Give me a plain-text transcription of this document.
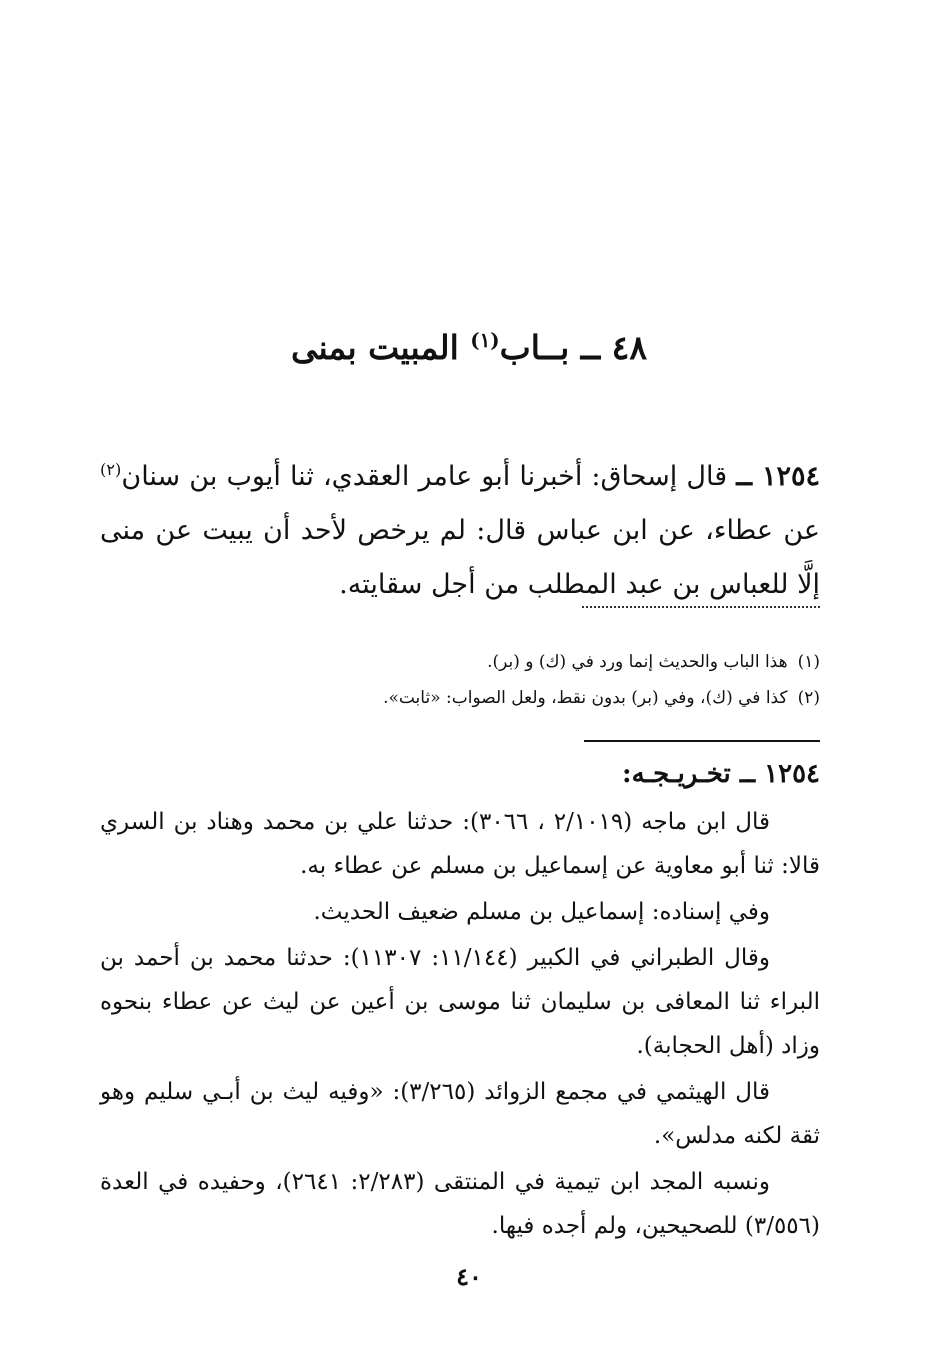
٤٨ ــ بــاب$^{(١)}$ المبيت بمنى

١٢٥٤ ــ قال إسحاق: أخبرنا أبو عامر العقدي، ثنا أيوب بن سنان$^{(٢)}$ عن عطاء، عن ابن عباس قال: لم يرخص لأحد أن يبيت عن منى إلَّا للعباس بن عبد المطلب من أجل سقايته.

(١)هذا الباب والحديث إنما ورد في (ك) و (بر).
(٢)كذا في (ك)، وفي (بر) بدون نقط، ولعل الصواب: «ثابت».
١٢٥٤ ــ تخـريـجـه:

قال ابن ماجه (٢/١٠١٩ ، ٣٠٦٦): حدثنا علي بن محمد وهناد بن السري قالا: ثنا أبو معاوية عن إسماعيل بن مسلم عن عطاء به.

وفي إسناده: إسماعيل بن مسلم ضعيف الحديث.

وقال الطبراني في الكبير (١١/١٤٤: ١١٣٠٧): حدثنا محمد بن أحمد بن البراء ثنا المعافى بن سليمان ثنا موسى بن أعين عن ليث عن عطاء بنحوه وزاد (أهل الحجابة).

قال الهيثمي في مجمع الزوائد (٣/٢٦٥): «وفيه ليث بن أبـي سليم وهو ثقة لكنه مدلس».

ونسبه المجد ابن تيمية في المنتقى (٢/٢٨٣: ٢٦٤١)، وحفيده في العدة (٣/٥٥٦) للصحيحين، ولم أجده فيها.

٤٠
